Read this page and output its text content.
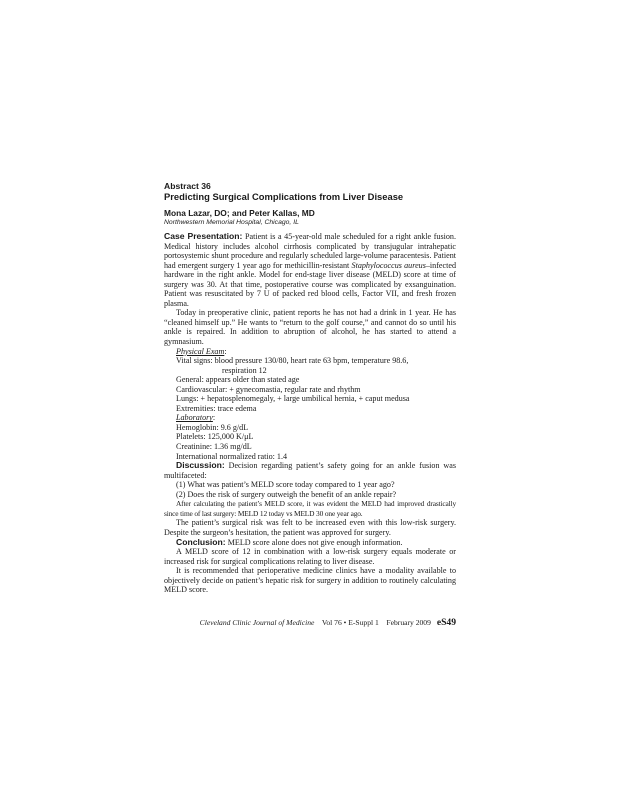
Abstract 36
Predicting Surgical Complications from Liver Disease
Mona Lazar, DO; and Peter Kallas, MD
Northwestern Memorial Hospital, Chicago, IL

Case Presentation: Patient is a 45-year-old male scheduled for a right ankle fusion. Medical history includes alcohol cirrhosis complicated by transjugular intrahepatic portosystemic shunt procedure and regularly scheduled large-volume paracentesis. Patient had emergent surgery 1 year ago for methicillin-resistant Staphylococcus aureus–infected hardware in the right ankle. Model for end-stage liver disease (MELD) score at time of surgery was 30. At that time, postoperative course was complicated by exsanguination. Patient was resuscitated by 7 U of packed red blood cells, Factor VII, and fresh frozen plasma.

Today in preoperative clinic, patient reports he has not had a drink in 1 year. He has “cleaned himself up.” He wants to “return to the golf course,” and cannot do so until his ankle is repaired. In addition to abruption of alcohol, he has started to attend a gymnasium.

Physical Exam:

Vital signs: blood pressure 130/80, heart rate 63 bpm, temperature 98.6,

respiration 12

General: appears older than stated age

Cardiovascular: + gynecomastia, regular rate and rhythm

Lungs: + hepatosplenomegaly, + large umbilical hernia, + caput medusa

Extremities: trace edema

Laboratory:

Hemoglobin: 9.6 g/dL

Platelets: 125,000 K/μL

Creatinine: 1.36 mg/dL

International normalized ratio: 1.4

Discussion: Decision regarding patient’s safety going for an ankle fusion was multifaceted:

(1) What was patient’s MELD score today compared to 1 year ago?

(2) Does the risk of surgery outweigh the benefit of an ankle repair?

After calculating the patient’s MELD score, it was evident the MELD had improved drastically since time of last surgery: MELD 12 today vs MELD 30 one year ago.

The patient’s surgical risk was felt to be increased even with this low-risk surgery. Despite the surgeon’s hesitation, the patient was approved for surgery.

Conclusion: MELD score alone does not give enough information.

A MELD score of 12 in combination with a low-risk surgery equals moderate or increased risk for surgical complications relating to liver disease.

It is recommended that perioperative medicine clinics have a modality available to objectively decide on patient’s hepatic risk for surgery in addition to routinely calculating MELD score.

Cleveland Clinic Journal of Medicine Vol 76 • E-Suppl 1 February 2009 eS49
